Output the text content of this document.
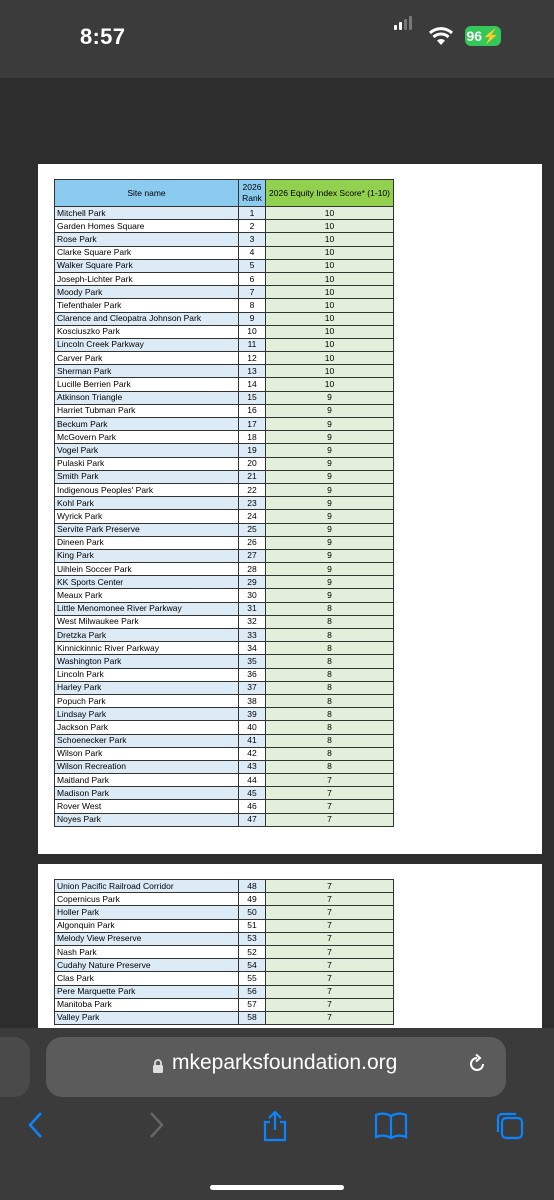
8:57	96⚡
Site name	2026 Rank	2026 Equity Index Score* (1-10)
Mitchell Park	1	10
Garden Homes Square	2	10
Rose Park	3	10
Clarke Square Park	4	10
Walker Square Park	5	10
Joseph-Lichter Park	6	10
Moody Park	7	10
Tiefenthaler Park	8	10
Clarence and Cleopatra Johnson Park	9	10
Kosciuszko Park	10	10
Lincoln Creek Parkway	11	10
Carver Park	12	10
Sherman Park	13	10
Lucille Berrien Park	14	10
Atkinson Triangle	15	9
Harriet Tubman Park	16	9
Beckum Park	17	9
McGovern Park	18	9
Vogel Park	19	9
Pulaski Park	20	9
Smith Park	21	9
Indigenous Peoples' Park	22	9
Kohl Park	23	9
Wyrick Park	24	9
Servite Park Preserve	25	9
Dineen Park	26	9
King Park	27	9
Uihlein Soccer Park	28	9
KK Sports Center	29	9
Meaux Park	30	9
Little Menomonee River Parkway	31	8
West Milwaukee Park	32	8
Dretzka Park	33	8
Kinnickinnic River Parkway	34	8
Washington Park	35	8
Lincoln Park	36	8
Harley Park	37	8
Popuch Park	38	8
Lindsay Park	39	8
Jackson Park	40	8
Schoenecker Park	41	8
Wilson Park	42	8
Wilson Recreation	43	8
Maitland Park	44	7
Madison Park	45	7
Rover West	46	7
Noyes Park	47	7
Union Pacific Railroad Corridor	48	7
Copernicus Park	49	7
Holler Park	50	7
Algonquin Park	51	7
Melody View Preserve	53	7
Nash Park	52	7
Cudahy Nature Preserve	54	7
Clas Park	55	7
Pere Marquette Park	56	7
Manitoba Park	57	7
Valley Park	58	7
mkeparksfoundation.org
